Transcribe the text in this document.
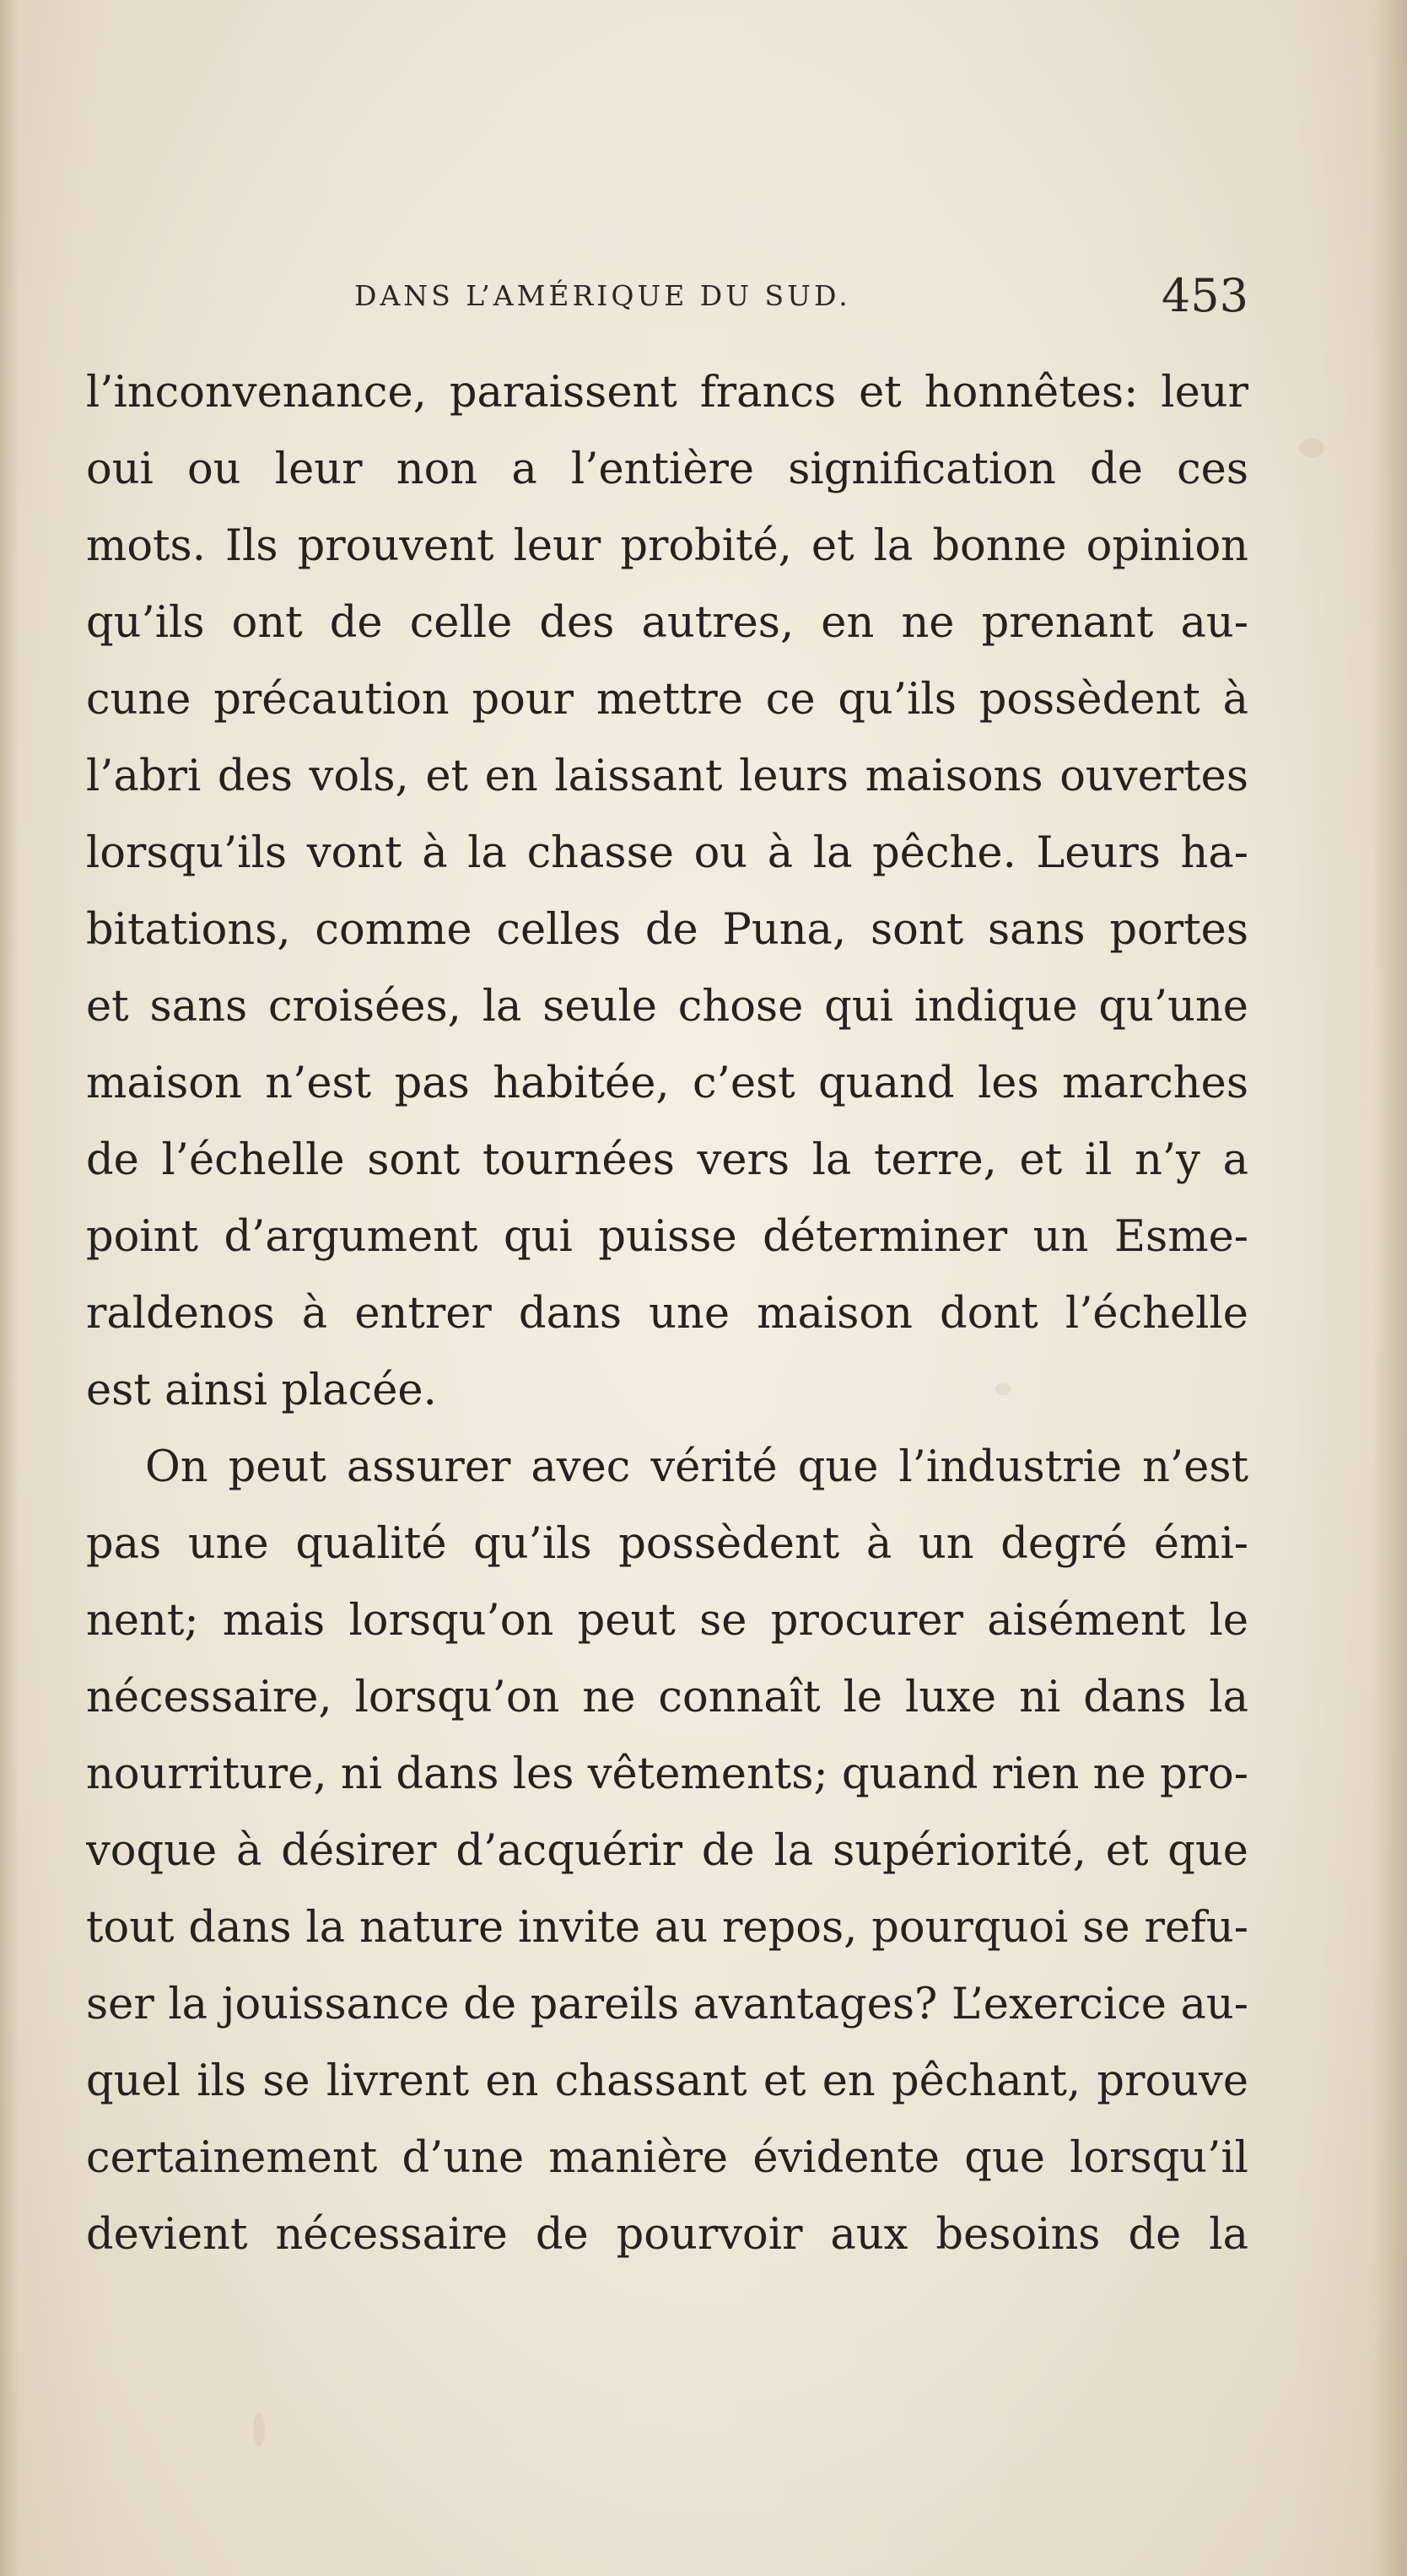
DANS L’AMÉRIQUE DU SUD.	453
l’inconvenance, paraissent francs et honnêtes: leur
oui ou leur non a l’entière signification de ces
mots. Ils prouvent leur probité, et la bonne opinion
qu’ils ont de celle des autres, en ne prenant au-
cune précaution pour mettre ce qu’ils possèdent à
l’abri des vols, et en laissant leurs maisons ouvertes
lorsqu’ils vont à la chasse ou à la pêche. Leurs ha-
bitations, comme celles de Puna, sont sans portes
et sans croisées, la seule chose qui indique qu’une
maison n’est pas habitée, c’est quand les marches
de l’échelle sont tournées vers la terre, et il n’y a
point d’argument qui puisse déterminer un Esme-
raldenos à entrer dans une maison dont l’échelle
est ainsi placée.
On peut assurer avec vérité que l’industrie n’est
pas une qualité qu’ils possèdent à un degré émi-
nent; mais lorsqu’on peut se procurer aisément le
nécessaire, lorsqu’on ne connaît le luxe ni dans la
nourriture, ni dans les vêtements; quand rien ne pro-
voque à désirer d’acquérir de la supériorité, et que
tout dans la nature invite au repos, pourquoi se refu-
ser la jouissance de pareils avantages? L’exercice au-
quel ils se livrent en chassant et en pêchant, prouve
certainement d’une manière évidente que lorsqu’il
devient nécessaire de pourvoir aux besoins de la
